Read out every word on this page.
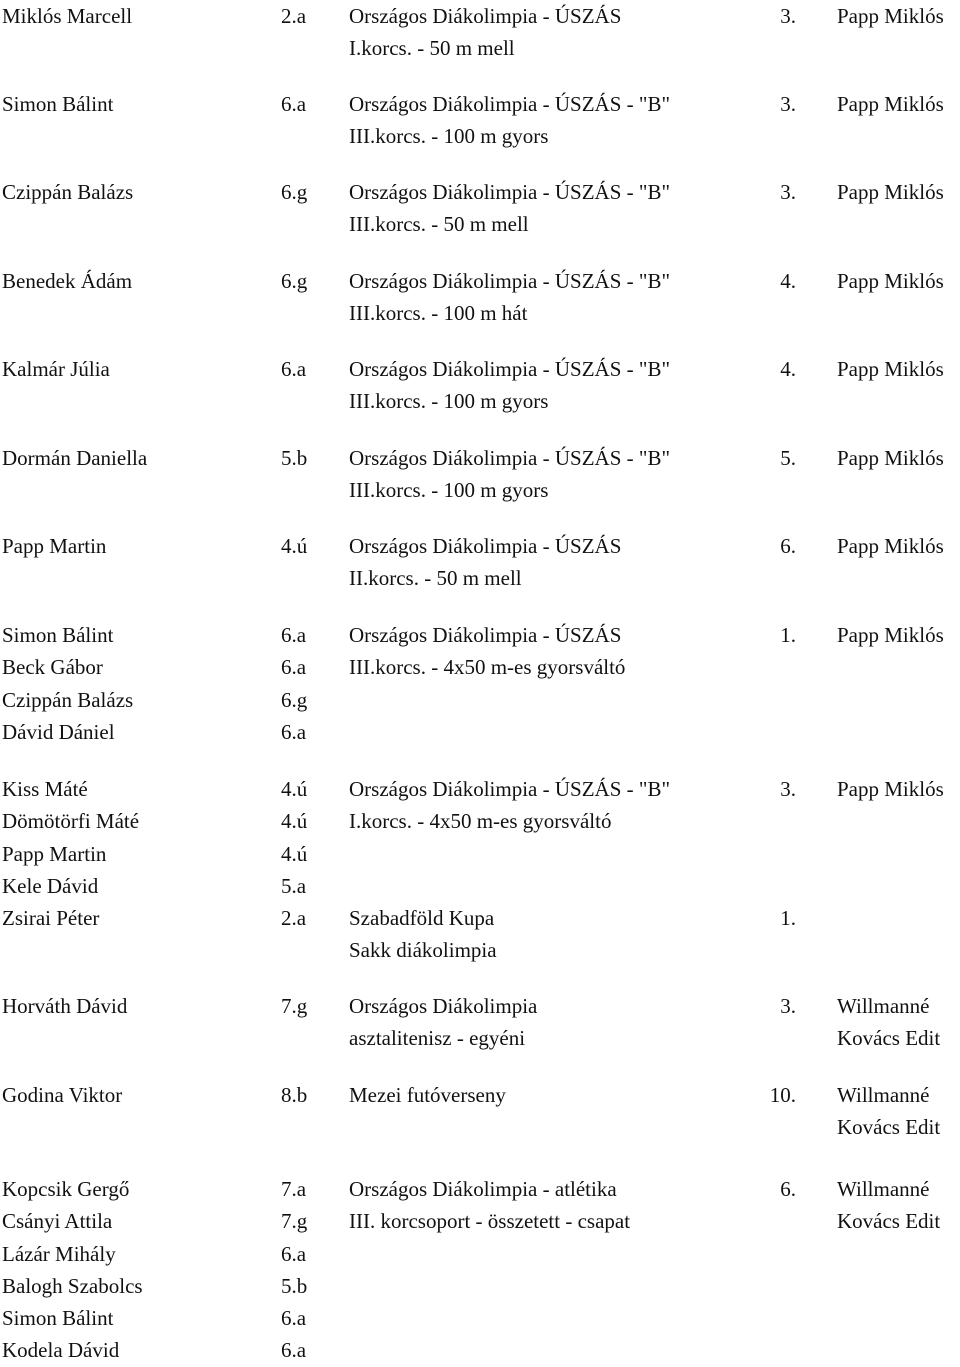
Miklós Marcell	2.a Országos Diákolimpia - ÚSZÁS	3. Papp Miklós
I.korcs. - 50 m mell
Simon Bálint	6.a Országos Diákolimpia - ÚSZÁS - "B"	3. Papp Miklós
III.korcs. - 100 m gyors
Czippán Balázs	6.g Országos Diákolimpia - ÚSZÁS - "B"	3. Papp Miklós
III.korcs. - 50 m mell
Benedek Ádám	6.g Országos Diákolimpia - ÚSZÁS - "B"	4. Papp Miklós
III.korcs. - 100 m hát
Kalmár Júlia	6.a Országos Diákolimpia - ÚSZÁS - "B"	4. Papp Miklós
III.korcs. - 100 m gyors
Dormán Daniella	5.b Országos Diákolimpia - ÚSZÁS - "B"	5. Papp Miklós
III.korcs. - 100 m gyors
Papp Martin	4.ú Országos Diákolimpia - ÚSZÁS	6. Papp Miklós
II.korcs. - 50 m mell
Simon Bálint	6.a Országos Diákolimpia - ÚSZÁS	1. Papp Miklós
Beck Gábor	6.a III.korcs. - 4x50 m-es gyorsváltó
Czippán Balázs	6.g
Dávid Dániel	6.a
Kiss Máté	4.ú Országos Diákolimpia - ÚSZÁS - "B"	3. Papp Miklós
Dömötörfi Máté	4.ú I.korcs. - 4x50 m-es gyorsváltó
Papp Martin	4.ú
Kele Dávid	5.a
Zsirai Péter	2.a Szabadföld Kupa	1.
Sakk diákolimpia
Horváth Dávid	7.g Országos Diákolimpia	3. Willmanné
asztalitenisz - egyéni	Kovács Edit
Godina Viktor	8.b Mezei futóverseny	10. Willmanné
Kovács Edit
Kopcsik Gergő	7.a Országos Diákolimpia - atlétika	6. Willmanné
Csányi Attila	7.g III. korcsoport - összetett - csapat	Kovács Edit
Lázár Mihály	6.a
Balogh Szabolcs	5.b
Simon Bálint	6.a
Kodela Dávid	6.a
